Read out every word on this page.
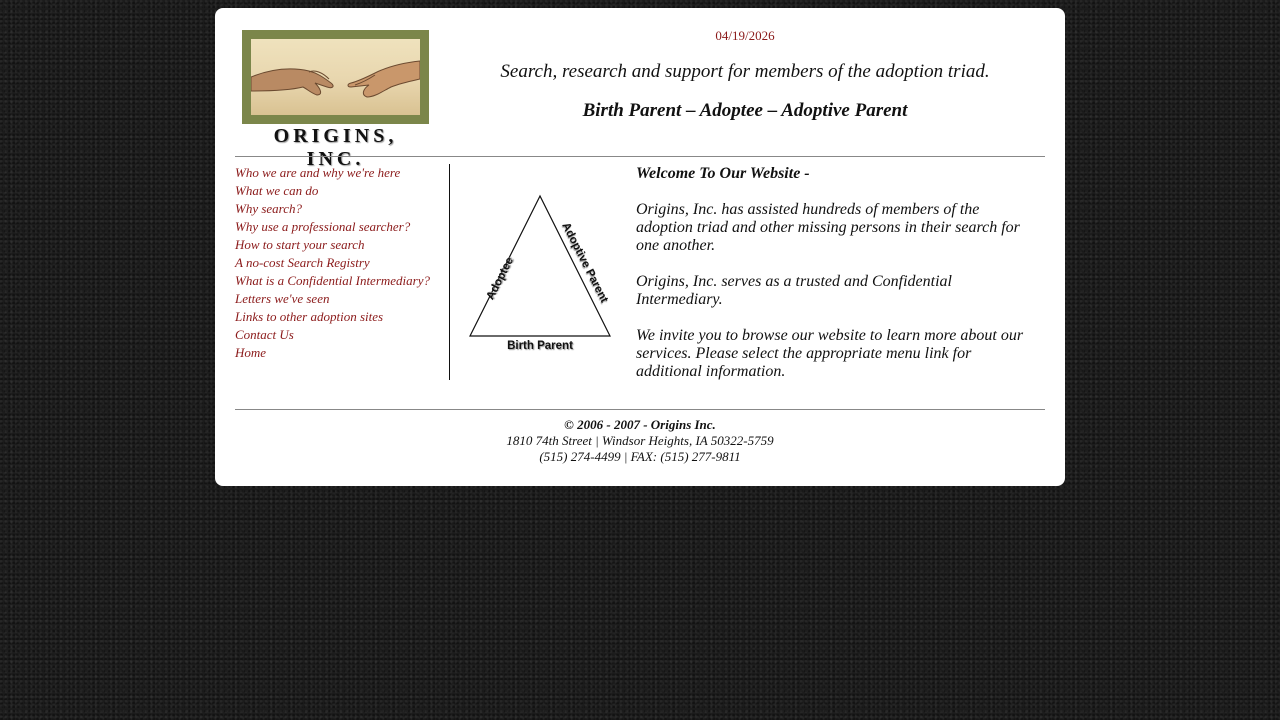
ORIGINS, INC.
04/19/2026
Search, research and support for members of the adoption triad.
Birth Parent – Adoptee – Adoptive Parent
Who we are and why we're here
What we can do
Why search?
Why use a professional searcher?
How to start your search
A no-cost Search Registry
What is a Confidential Intermediary?
Letters we've seen
Links to other adoption sites
Contact Us
Home
Adoptee	Adoptive Parent
Birth Parent

Welcome To Our Website -

Origins, Inc. has assisted hundreds of members of the adoption triad and other missing persons in their search for one another.

Origins, Inc. serves as a trusted and Confidential Intermediary.

We invite you to browse our website to learn more about our services. Please select the appropriate menu link for additional information.

© 2006 - 2007 - Origins Inc.
1810 74th Street | Windsor Heights, IA 50322-5759
(515) 274-4499 | FAX: (515) 277-9811
